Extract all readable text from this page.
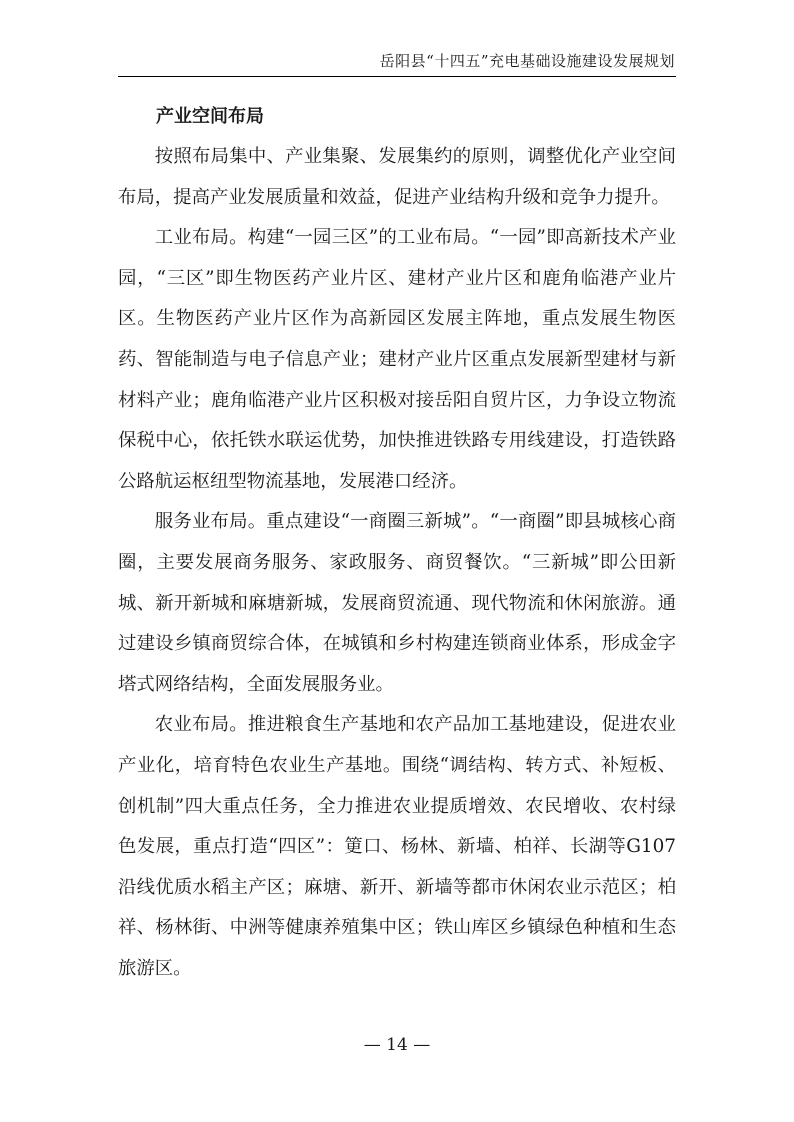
岳阳县“十四五”充电基础设施建设发展规划
产业空间布局

按照布局集中、产业集聚、发展集约的原则，调整优化产业空间布局，提高产业发展质量和效益，促进产业结构升级和竞争力提升。

工业布局。构建“一园三区”的工业布局。“一园”即高新技术产业园，“三区”即生物医药产业片区、建材产业片区和鹿角临港产业片区。生物医药产业片区作为高新园区发展主阵地，重点发展生物医药、智能制造与电子信息产业；建材产业片区重点发展新型建材与新材料产业；鹿角临港产业片区积极对接岳阳自贸片区，力争设立物流保税中心，依托铁水联运优势，加快推进铁路专用线建设，打造铁路公路航运枢纽型物流基地，发展港口经济。

服务业布局。重点建设“一商圈三新城”。“一商圈”即县城核心商圈，主要发展商务服务、家政服务、商贸餐饮。“三新城”即公田新城、新开新城和麻塘新城，发展商贸流通、现代物流和休闲旅游。通过建设乡镇商贸综合体，在城镇和乡村构建连锁商业体系，形成金字塔式网络结构，全面发展服务业。

农业布局。推进粮食生产基地和农产品加工基地建设，促进农业产业化，培育特色农业生产基地。围绕“调结构、转方式、补短板、创机制”四大重点任务，全力推进农业提质增效、农民增收、农村绿色发展，重点打造“四区”：筻口、杨林、新墙、柏祥、长湖等G107沿线优质水稻主产区；麻塘、新开、新墙等都市休闲农业示范区；柏祥、杨林街、中洲等健康养殖集中区；铁山库区乡镇绿色种植和生态旅游区。

— 14 —
